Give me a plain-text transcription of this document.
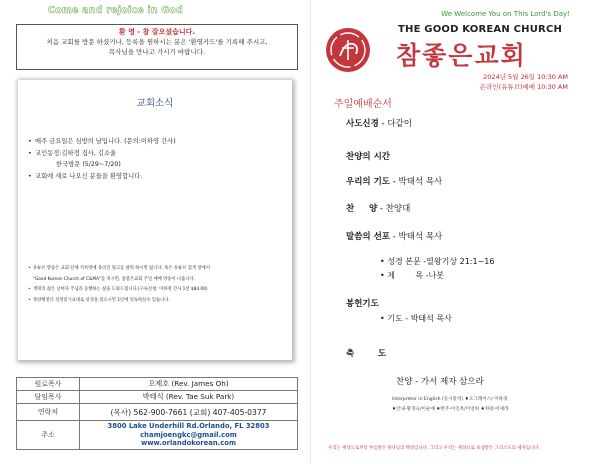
Come and rejoice in God
환 영 - 참 잘오셨습니다.
처음 교회를 방문 하셨거나, 등록을 원하시는 분은 '환영카드'를 기록해 주시고,
목사님을 만나고 가시기 바랍니다.
교회소식
• 매주 금요일은 심방의 날입니다. (문의:이하영 간사)
• 교인동정:김하정 집사, 김소율
한국방문 (5/29~7/20)
• 교회에 새로 나오신 분들을 환영합니다.
• 유튜브 방송은 교회 단체 카톡방에 올려진 링크를 클릭 하시면 됩니다. 혹은 유튜브 검색 창에서
"Good Korean Church of C&MA"를 치시면, 참좋은교회 주일 예배 방송이 나옵니다.
• 생명의 삶은 날마다 주님과 동행하는 삶을 도와드립니다.(구독신청: 이하영 간사 1년 $84.00)
• 목양행전더 성경읽기표대로 성경을 읽으시면 1년에 일독하실수 있습니다.
원로목사	오제호 (Rev. James Oh)
담임목사	박태석 (Rev. Tae Suk Park)
연락처	(목사) 562-900-7661 (교회) 407-405-0377
주소	3800 Lake Underhill Rd.Orlando, FL 32803
chamjoengkc@gmail.com
www.orlandokorean.com
We Welcome You on This Lord's Day!
THE GOOD KOREAN CHURCH
참좋은교회
2024년 5월 26일 10:30 AM
온라인(유튜브)예배 10:30 AM
주일예배순서
사도신경 - 다같이
찬양의 시간
우리의 기도 - 박태석 목사
찬     양 - 찬양대
말씀의 선포 - 박태석 목사
• 성경 본문 -열왕기상 21:1~16
• 제        목 -나봇
봉헌기도
• 기도 - 박태석 목사
축        도
찬양 - 가서 제자 삼으라
Interpreter in English (동시통역) ♦오그레이스/ 이하경
♦안내-황경숙/이순예 ♦반주-이인옥/이연희 ♦차량-이세라
우리는 세상으로부터 부름받은 하나님의 백성입니다. 그리고 우리는 세상으로 보냄받은 그리스도의 제자입니다.
